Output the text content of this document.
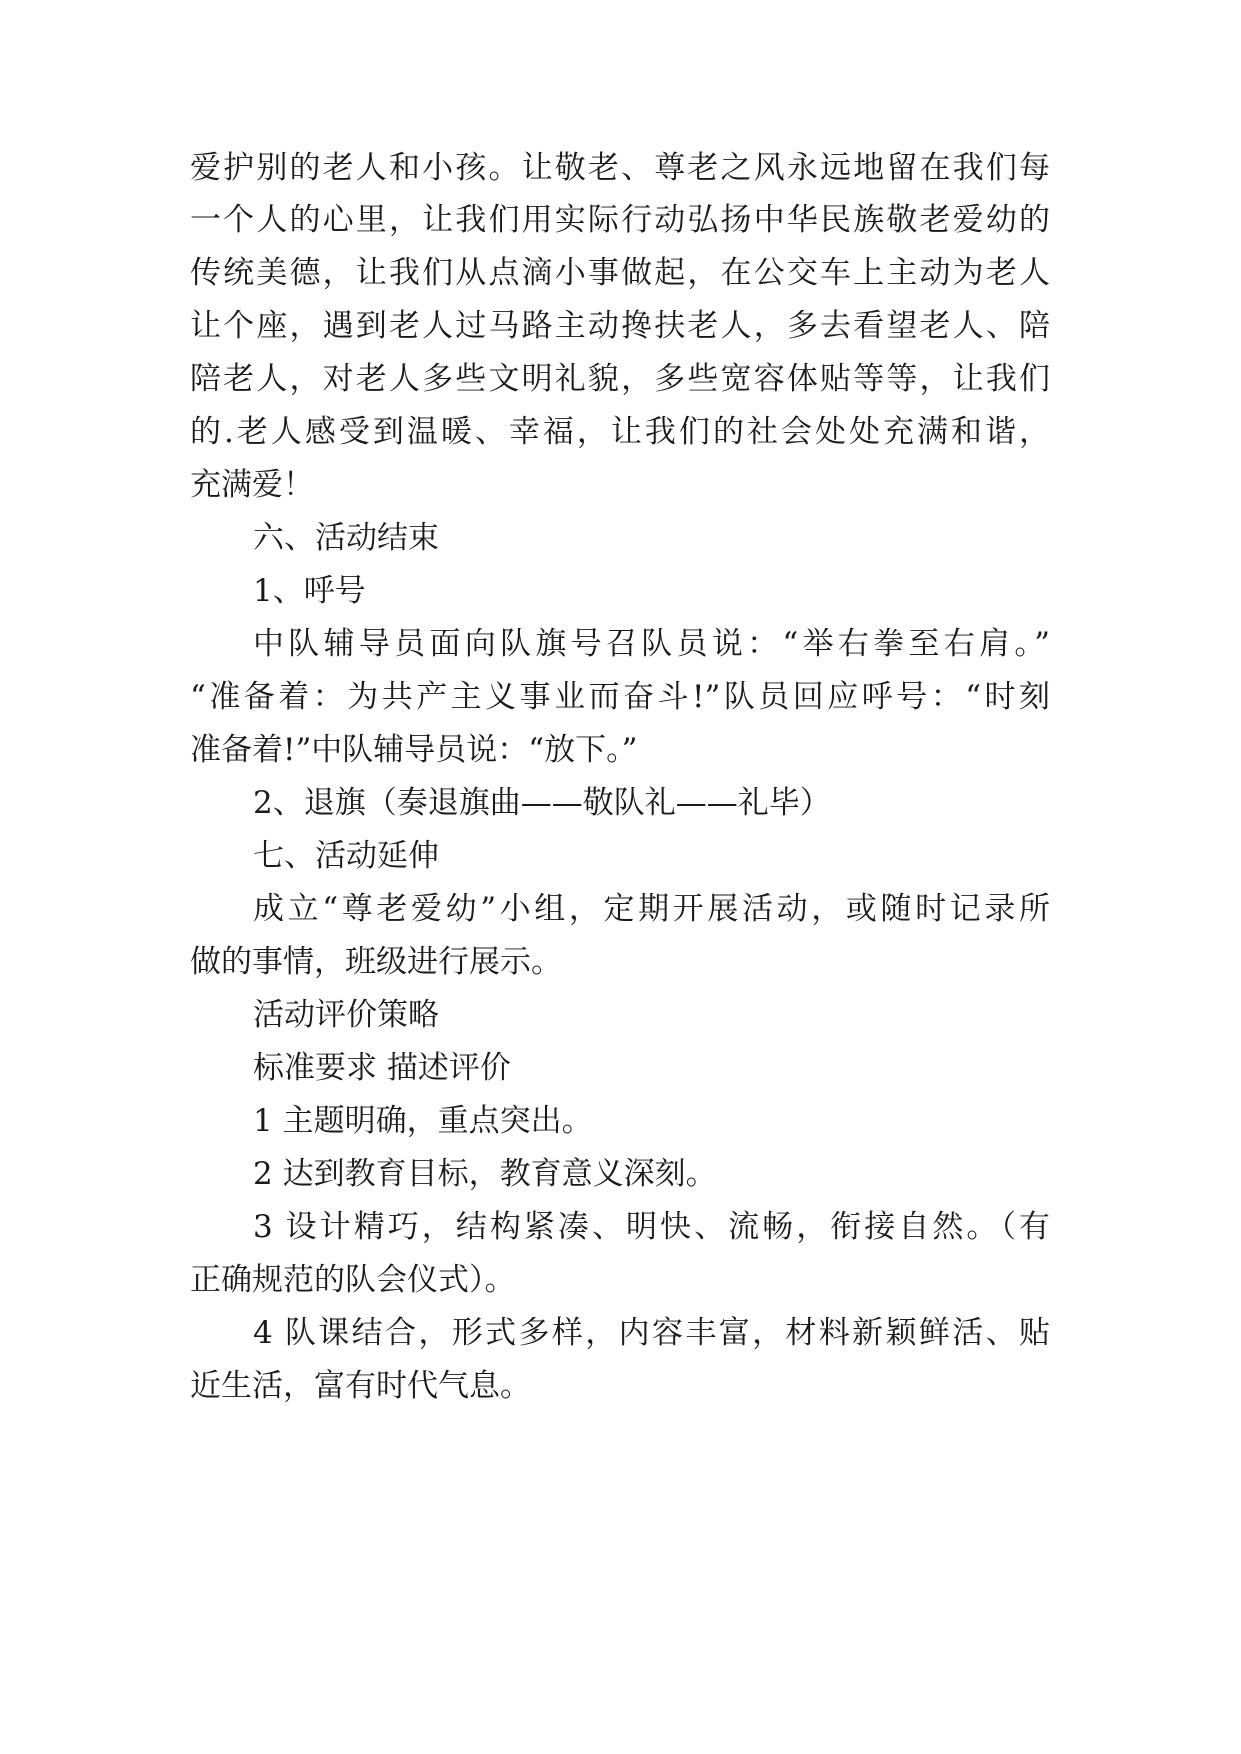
爱护别的老人和小孩。让敬老、尊老之风永远地留在我们每
一个人的心里，让我们用实际行动弘扬中华民族敬老爱幼的
传统美德，让我们从点滴小事做起，在公交车上主动为老人
让个座，遇到老人过马路主动搀扶老人，多去看望老人、陪
陪老人，对老人多些文明礼貌，多些宽容体贴等等，让我们
的.老人感受到温暖、幸福，让我们的社会处处充满和谐，
充满爱！
六、活动结束
1、呼号
中队辅导员面向队旗号召队员说：“举右拳至右肩。”
“准备着：为共产主义事业而奋斗!”队员回应呼号：“时刻
准备着!”中队辅导员说：“放下。”
2、退旗（奏退旗曲——敬队礼——礼毕）
七、活动延伸
成立“尊老爱幼”小组，定期开展活动，或随时记录所
做的事情，班级进行展示。
活动评价策略
标准要求 描述评价
1 主题明确，重点突出。
2 达到教育目标，教育意义深刻。
3 设计精巧，结构紧凑、明快、流畅，衔接自然。（有
正确规范的队会仪式）。
4 队课结合，形式多样，内容丰富，材料新颖鲜活、贴
近生活，富有时代气息。
